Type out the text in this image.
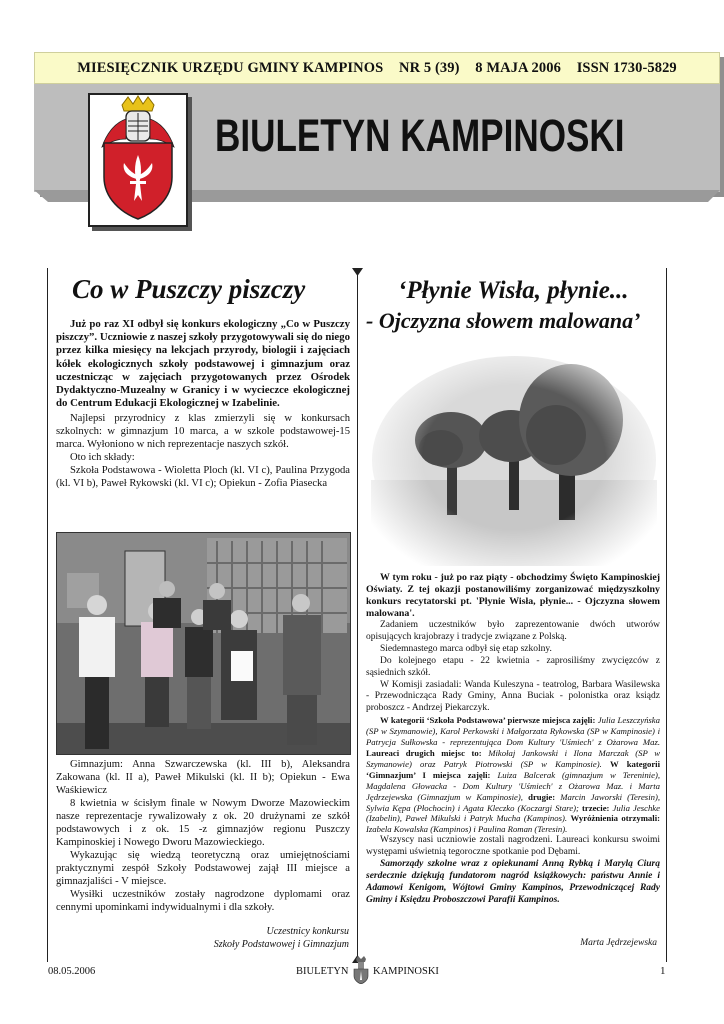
MIESIĘCZNIK URZĘDU GMINY KAMPINOS NR 5 (39) 8 MAJA 2006 ISSN 1730-5829
BIULETYN KAMPINOSKI
Co w Puszczy piszczy

Już po raz XI odbył się konkurs ekologiczny „Co w Puszczy piszczy”. Uczniowie z naszej szkoły przygotowywali się do niego przez kilka miesięcy na lekcjach przyrody, biologii i zajęciach kółek ekologicznych szkoły podstawowej i gimnazjum oraz uczestnicząc w zajęciach przygotowanych przez Ośrodek Dydaktyczno-Muzealny w Granicy i w wycieczce ekologicznej do Centrum Edukacji Ekologicznej w Izabelinie.

Najlepsi przyrodnicy z klas zmierzyli się w konkursach szkolnych: w gimnazjum 10 marca, a w szkole podstawowej-15 marca. Wyłoniono w nich reprezentacje naszych szkół.

Oto ich składy:

Szkoła Podstawowa - Wioletta Ploch (kl. VI c), Paulina Przygoda (kl. VI b), Paweł Rykowski (kl. VI c); Opiekun - Zofia Piasecka

Gimnazjum: Anna Szwarczewska (kl. III b), Aleksandra Zakowana (kl. II a), Paweł Mikulski (kl. II b); Opiekun - Ewa Waśkiewicz

8 kwietnia w ścisłym finale w Nowym Dworze Mazowieckim nasze reprezentacje rywalizowały z ok. 20 drużynami ze szkół podstawowych i z ok. 15 -z gimnazjów regionu Puszczy Kampinoskiej i Nowego Dworu Mazowieckiego.

Wykazując się wiedzą teoretyczną oraz umiejętnościami praktycznymi zespół Szkoły Podstawowej zajął III miejsce a gimnazjaliści - V miejsce.

Wysiłki uczestników zostały nagrodzone dyplomami oraz cennymi upominkami indywidualnymi i dla szkoły.

Uczestnicy konkursu
Szkoły Podstawowej i Gimnazjum
‘Płynie Wisła, płynie...
- Ojczyzna słowem malowana’

W tym roku - już po raz piąty - obchodzimy Święto Kampinoskiej Oświaty. Z tej okazji postanowiliśmy zorganizować międzyszkolny konkurs recytatorski pt. 'Płynie Wisła, płynie... - Ojczyzna słowem malowana'.

Zadaniem uczestników było zaprezentowanie dwóch utworów opisujących krajobrazy i tradycje związane z Polską.

Siedemnastego marca odbył się etap szkolny.

Do kolejnego etapu - 22 kwietnia - zaprosiliśmy zwycięzców z sąsiednich szkół.

W Komisji zasiadali: Wanda Kuleszyna - teatrolog, Barbara Wasilewska - Przewodnicząca Rady Gminy, Anna Buciak - polonistka oraz ksiądz proboszcz - Andrzej Piekarczyk.

W kategorii ‘Szkoła Podstawowa’ pierwsze miejsca zajęli: Julia Leszczyńska (SP w Szymanowie), Karol Perkowski i Małgorzata Rykowska (SP w Kampinosie) i Patrycja Sułkowska - reprezentująca Dom Kultury 'Uśmiech' z Ożarowa Maz. Laureaci drugich miejsc to: Mikołaj Jankowski i Ilona Marczak (SP w Szymanowie) oraz Patryk Piotrowski (SP w Kampinosie). W kategorii ‘Gimnazjum’ I miejsca zajęli: Luiza Balcerak (gimnazjum w Tereninie), Magdalena Głowacka - Dom Kultury 'Uśmiech' z Ożarowa Maz. i Marta Jędrzejewska (Gimnazjum w Kampinosie), drugie: Marcin Jaworski (Teresin), Sylwia Kępa (Płochocin) i Agata Kleczko (Koczargi Stare); trzecie: Julia Jeschke (Izabelin), Paweł Mikulski i Patryk Mucha (Kampinos). Wyróżnienia otrzymali: Izabela Kowalska (Kampinos) i Paulina Roman (Teresin).

Wszyscy nasi uczniowie zostali nagrodzeni. Laureaci konkursu swoimi występami uświetnią tegoroczne spotkanie pod Dębami.

Samorządy szkolne wraz z opiekunami Anną Rybką i Marylą Ciurą serdecznie dziękują fundatorom nagród książkowych: państwu Annie i Adamowi Kenigom, Wójtowi Gminy Kampinos, Przewodniczącej Rady Gminy i Księdzu Proboszczowi Parafii Kampinos.

Marta Jędrzejewska
08.05.2006	BIULETYN KAMPINOSKI	1
